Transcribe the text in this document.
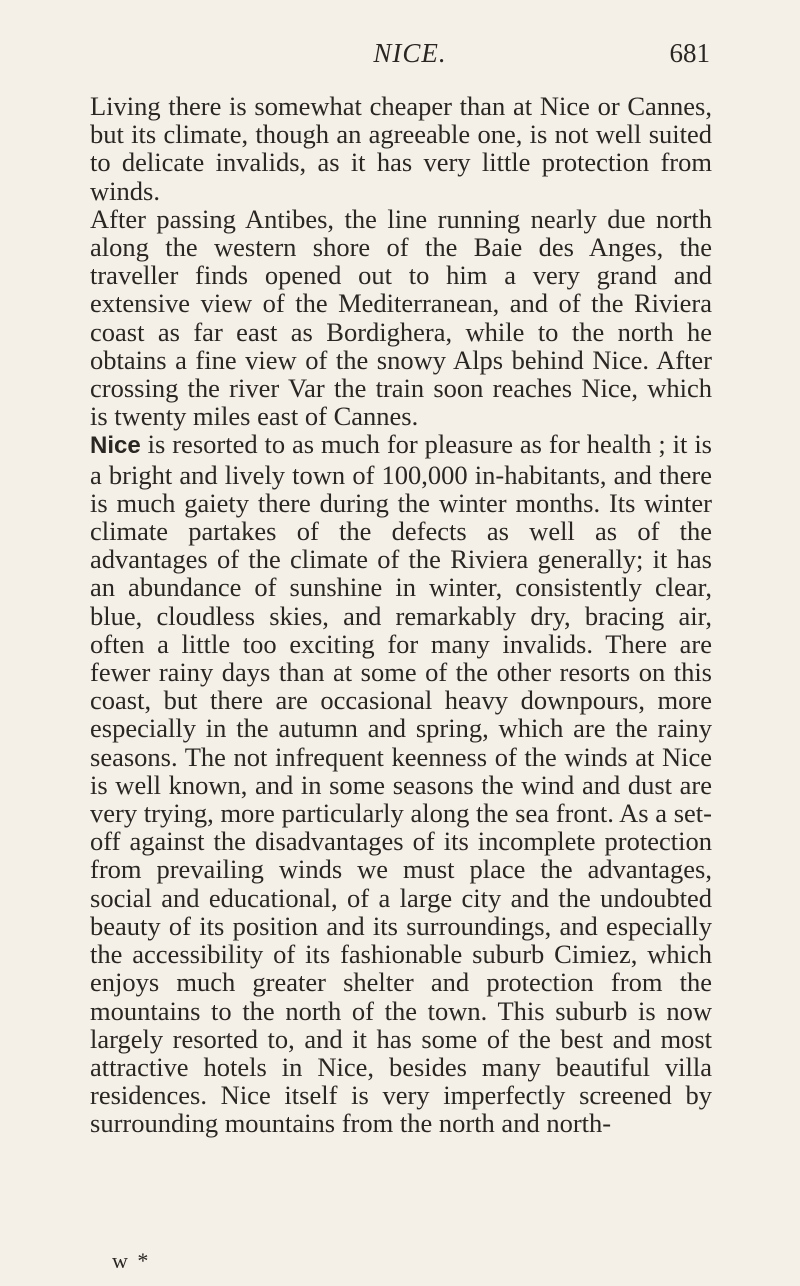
NICE.	681

Living there is somewhat cheaper than at Nice or Cannes, but its climate, though an agreeable one, is not well suited to delicate invalids, as it has very little protection from winds.

After passing Antibes, the line running nearly due north along the western shore of the Baie des Anges, the traveller finds opened out to him a very grand and extensive view of the Mediterranean, and of the Riviera coast as far east as Bordighera, while to the north he obtains a fine view of the snowy Alps behind Nice. After crossing the river Var the train soon reaches Nice, which is twenty miles east of Cannes.

Nice is resorted to as much for pleasure as for health ; it is a bright and lively town of 100,000 in-habitants, and there is much gaiety there during the winter months. Its winter climate partakes of the defects as well as of the advantages of the climate of the Riviera generally; it has an abundance of sunshine in winter, consistently clear, blue, cloudless skies, and remarkably dry, bracing air, often a little too exciting for many invalids. There are fewer rainy days than at some of the other resorts on this coast, but there are occasional heavy downpours, more especially in the autumn and spring, which are the rainy seasons. The not infrequent keenness of the winds at Nice is well known, and in some seasons the wind and dust are very trying, more particularly along the sea front. As a set-off against the disadvantages of its incomplete protection from prevailing winds we must place the advantages, social and educational, of a large city and the undoubted beauty of its position and its surroundings, and especially the accessibility of its fashionable suburb Cimiez, which enjoys much greater shelter and protection from the mountains to the north of the town. This suburb is now largely resorted to, and it has some of the best and most attractive hotels in Nice, besides many beautiful villa residences. Nice itself is very imperfectly screened by surrounding mountains from the north and north-

w *
